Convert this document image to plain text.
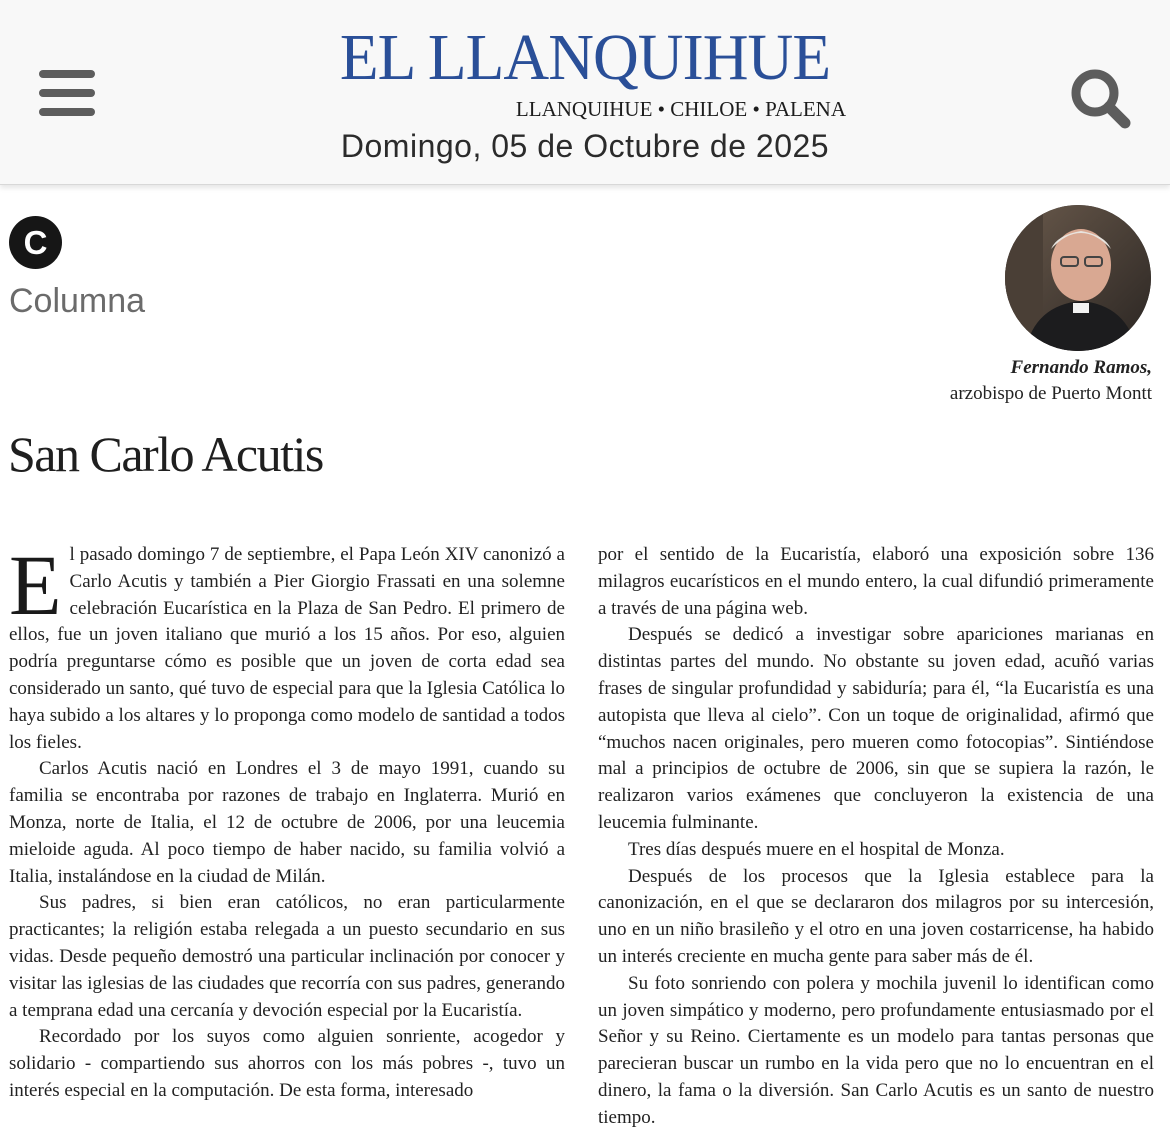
EL LLANQUIHUE
LLANQUIHUE • CHILOE • PALENA
Domingo, 05 de Octubre de 2025
C
Columna
Fernando Ramos,
arzobispo de Puerto Montt
San Carlo Acutis

El pasado domingo 7 de septiembre, el Papa León XIV canonizó a Carlo Acutis y también a Pier Giorgio Frassati en una solemne celebración Eucarística en la Plaza de San Pedro. El primero de ellos, fue un joven italiano que murió a los 15 años. Por eso, alguien podría preguntarse cómo es posible que un joven de corta edad sea considerado un santo, qué tuvo de especial para que la Iglesia Católica lo haya subido a los altares y lo proponga como modelo de santidad a todos los fieles.

Carlos Acutis nació en Londres el 3 de mayo 1991, cuando su familia se encontraba por razones de trabajo en Inglaterra. Murió en Monza, norte de Italia, el 12 de octubre de 2006, por una leucemia mieloide aguda. Al poco tiempo de haber nacido, su familia volvió a Italia, instalándose en la ciudad de Milán.

Sus padres, si bien eran católicos, no eran particularmente practicantes; la religión estaba relegada a un puesto secundario en sus vidas. Desde pequeño demostró una particular inclinación por conocer y visitar las iglesias de las ciudades que recorría con sus padres, generando a temprana edad una cercanía y devoción especial por la Eucaristía.

Recordado por los suyos como alguien sonriente, acogedor y solidario - compartiendo sus ahorros con los más pobres -, tuvo un interés especial en la computación. De esta forma, interesado

por el sentido de la Eucaristía, elaboró una exposición sobre 136 milagros eucarísticos en el mundo entero, la cual difundió primeramente a través de una página web.

Después se dedicó a investigar sobre apariciones marianas en distintas partes del mundo. No obstante su joven edad, acuñó varias frases de singular profundidad y sabiduría; para él, “la Eucaristía es una autopista que lleva al cielo”. Con un toque de originalidad, afirmó que “muchos nacen originales, pero mueren como fotocopias”. Sintiéndose mal a principios de octubre de 2006, sin que se supiera la razón, le realizaron varios exámenes que concluyeron la existencia de una leucemia fulminante.

Tres días después muere en el hospital de Monza.

Después de los procesos que la Iglesia establece para la canonización, en el que se declararon dos milagros por su intercesión, uno en un niño brasileño y el otro en una joven costarricense, ha habido un interés creciente en mucha gente para saber más de él.

Su foto sonriendo con polera y mochila juvenil lo identifican como un joven simpático y moderno, pero profundamente entusiasmado por el Señor y su Reino. Ciertamente es un modelo para tantas personas que parecieran buscar un rumbo en la vida pero que no lo encuentran en el dinero, la fama o la diversión. San Carlo Acutis es un santo de nuestro tiempo.
